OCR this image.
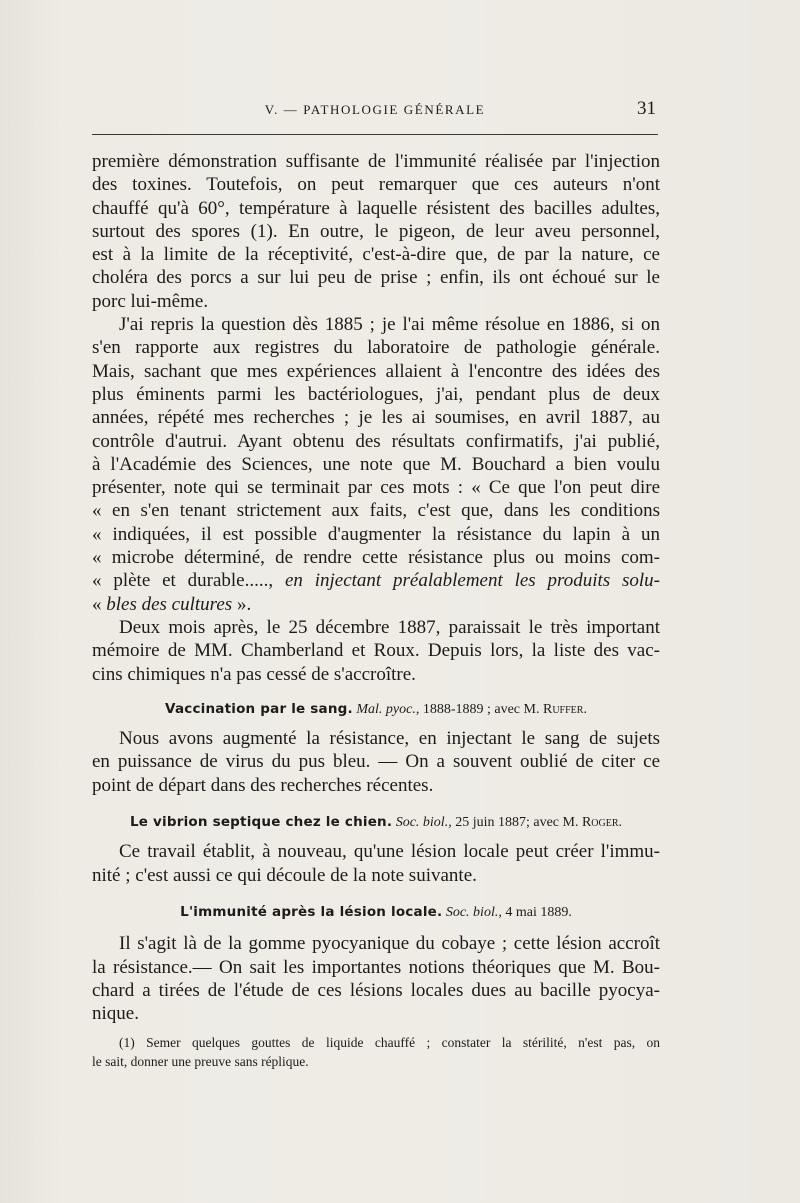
V. — PATHOLOGIE GÉNÉRALE	31

première démonstration suffisante de l'immunité réalisée par l'injection
des toxines. Toutefois, on peut remarquer que ces auteurs n'ont
chauffé qu'à 60°, température à laquelle résistent des bacilles adultes,
surtout des spores (1). En outre, le pigeon, de leur aveu personnel,
est à la limite de la réceptivité, c'est-à-dire que, de par la nature, ce
choléra des porcs a sur lui peu de prise ; enfin, ils ont échoué sur le
porc lui-même.

J'ai repris la question dès 1885 ; je l'ai même résolue en 1886, si on
s'en rapporte aux registres du laboratoire de pathologie générale.
Mais, sachant que mes expériences allaient à l'encontre des idées des
plus éminents parmi les bactériologues, j'ai, pendant plus de deux
années, répété mes recherches ; je les ai soumises, en avril 1887, au
contrôle d'autrui. Ayant obtenu des résultats confirmatifs, j'ai publié,
à l'Académie des Sciences, une note que M. Bouchard a bien voulu
présenter, note qui se terminait par ces mots : « Ce que l'on peut dire
« en s'en tenant strictement aux faits, c'est que, dans les conditions
« indiquées, il est possible d'augmenter la résistance du lapin à un
« microbe déterminé, de rendre cette résistance plus ou moins com-
« plète et durable....., en injectant préalablement les produits solu-
« bles des cultures ».

Deux mois après, le 25 décembre 1887, paraissait le très important
mémoire de MM. Chamberland et Roux. Depuis lors, la liste des vac-
cins chimiques n'a pas cessé de s'accroître.

Vaccination par le sang. Mal. pyoc., 1888-1889 ; avec M. Ruffer.

Nous avons augmenté la résistance, en injectant le sang de sujets
en puissance de virus du pus bleu. — On a souvent oublié de citer ce
point de départ dans des recherches récentes.

Le vibrion septique chez le chien. Soc. biol., 25 juin 1887; avec M. Roger.

Ce travail établit, à nouveau, qu'une lésion locale peut créer l'immu-
nité ; c'est aussi ce qui découle de la note suivante.

L'immunité après la lésion locale. Soc. biol., 4 mai 1889.

Il s'agit là de la gomme pyocyanique du cobaye ; cette lésion accroît
la résistance.— On sait les importantes notions théoriques que M. Bou-
chard a tirées de l'étude de ces lésions locales dues au bacille pyocya-
nique.

(1) Semer quelques gouttes de liquide chauffé ; constater la stérilité, n'est pas, on
le sait, donner une preuve sans réplique.
